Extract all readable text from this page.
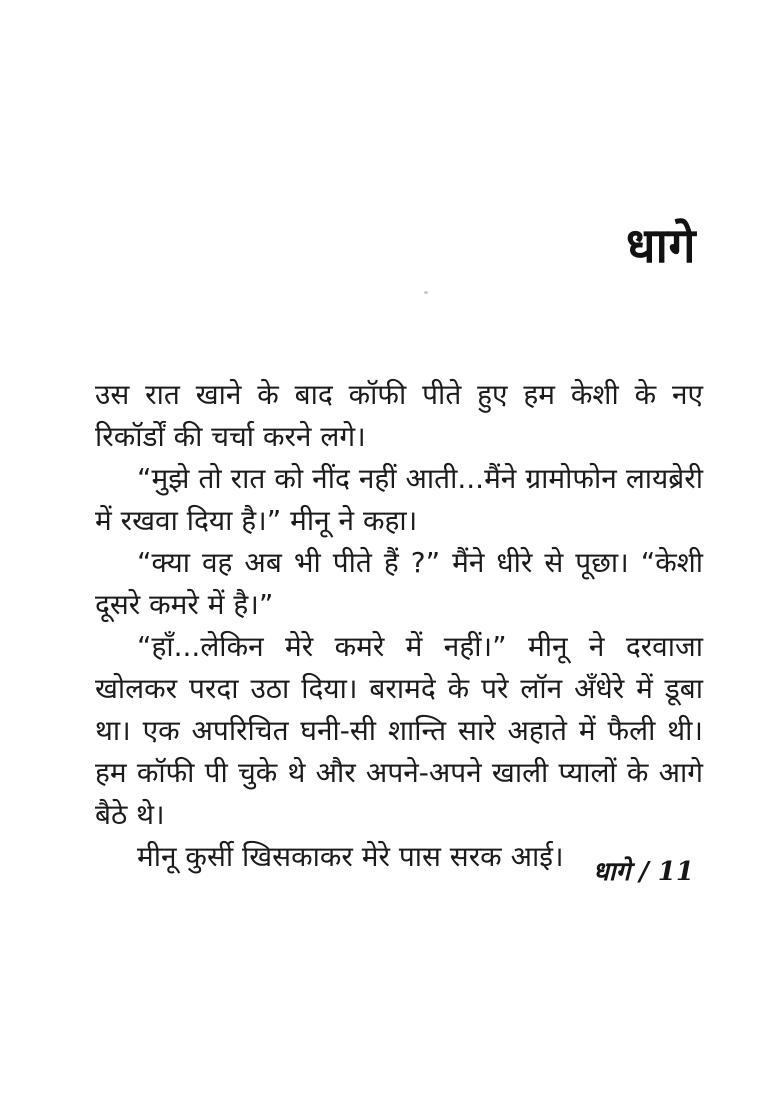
धागे

उस रात खाने के बाद कॉफी पीते हुए हम केशी के नए रिकॉर्डों की चर्चा करने लगे।

“मुझे तो रात को नींद नहीं आती...मैंने ग्रामोफोन लायब्रेरी में रखवा दिया है।” मीनू ने कहा।

“क्या वह अब भी पीते हैं ?” मैंने धीरे से पूछा। “केशी दूसरे कमरे में है।”

“हाँ...लेकिन मेरे कमरे में नहीं।” मीनू ने दरवाजा खोलकर परदा उठा दिया। बरामदे के परे लॉन अँधेरे में डूबा था। एक अपरिचित घनी-सी शान्ति सारे अहाते में फैली थी। हम कॉफी पी चुके थे और अपने-अपने खाली प्यालों के आगे बैठे थे।

मीनू कुर्सी खिसकाकर मेरे पास सरक आई।	धागे / 11
